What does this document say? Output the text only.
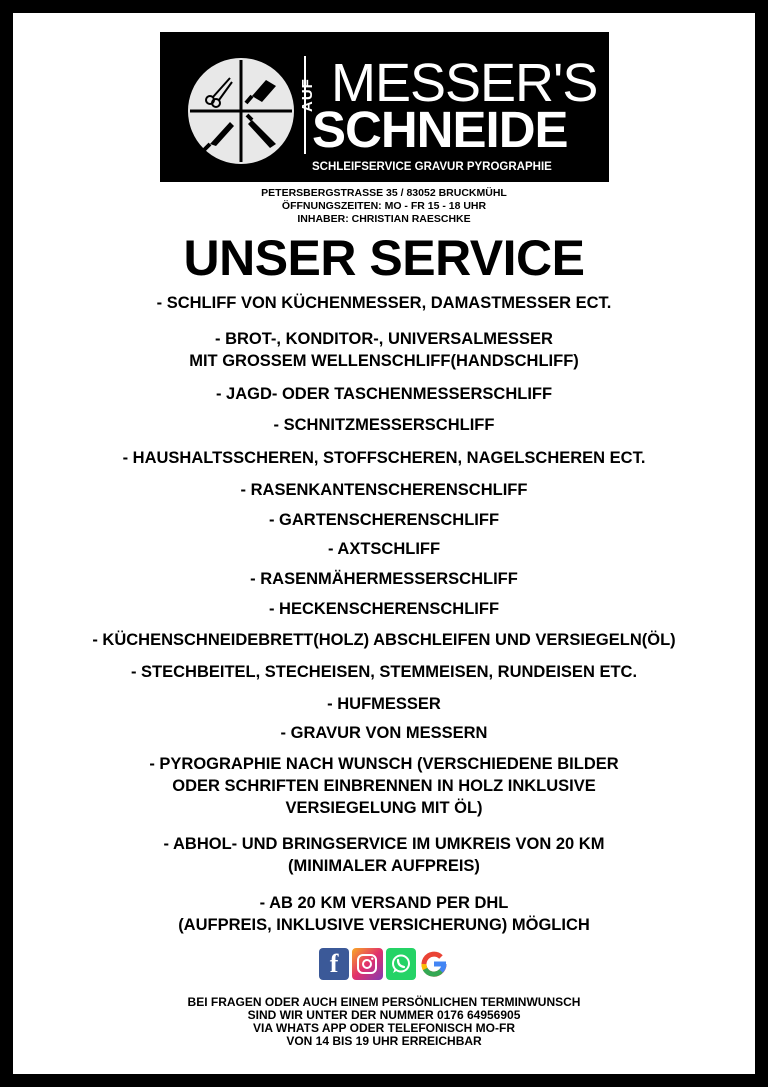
AUF MESSER'S
SCHNEIDE
SCHLEIFSERVICE GRAVUR PYROGRAPHIE
PETERSBERGSTRASSE 35 / 83052 BRUCKMÜHL
ÖFFNUNGSZEITEN: MO - FR 15 - 18 UHR
INHABER: CHRISTIAN RAESCHKE
UNSER SERVICE
- SCHLIFF VON KÜCHENMESSER, DAMASTMESSER ECT.
- BROT-, KONDITOR-, UNIVERSALMESSER
MIT GROSSEM WELLENSCHLIFF(HANDSCHLIFF)
- JAGD- ODER TASCHENMESSERSCHLIFF
- SCHNITZMESSERSCHLIFF
- HAUSHALTSSCHEREN, STOFFSCHEREN, NAGELSCHEREN ECT.
- RASENKANTENSCHERENSCHLIFF
- GARTENSCHERENSCHLIFF
- AXTSCHLIFF
- RASENMÄHERMESSERSCHLIFF
- HECKENSCHERENSCHLIFF
- KÜCHENSCHNEIDEBRETT(HOLZ) ABSCHLEIFEN UND VERSIEGELN(ÖL)
- STECHBEITEL, STECHEISEN, STEMMEISEN, RUNDEISEN ETC.
- HUFMESSER
- GRAVUR VON MESSERN
- PYROGRAPHIE NACH WUNSCH (VERSCHIEDENE BILDER
ODER SCHRIFTEN EINBRENNEN IN HOLZ INKLUSIVE
VERSIEGELUNG MIT ÖL)
- ABHOL- UND BRINGSERVICE IM UMKREIS VON 20 KM
(MINIMALER AUFPREIS)
- AB 20 KM VERSAND PER DHL
(AUFPREIS, INKLUSIVE VERSICHERUNG) MÖGLICH
f
BEI FRAGEN ODER AUCH EINEM PERSÖNLICHEN TERMINWUNSCH
SIND WIR UNTER DER NUMMER 0176 64956905
VIA WHATS APP ODER TELEFONISCH MO-FR
VON 14 BIS 19 UHR ERREICHBAR
